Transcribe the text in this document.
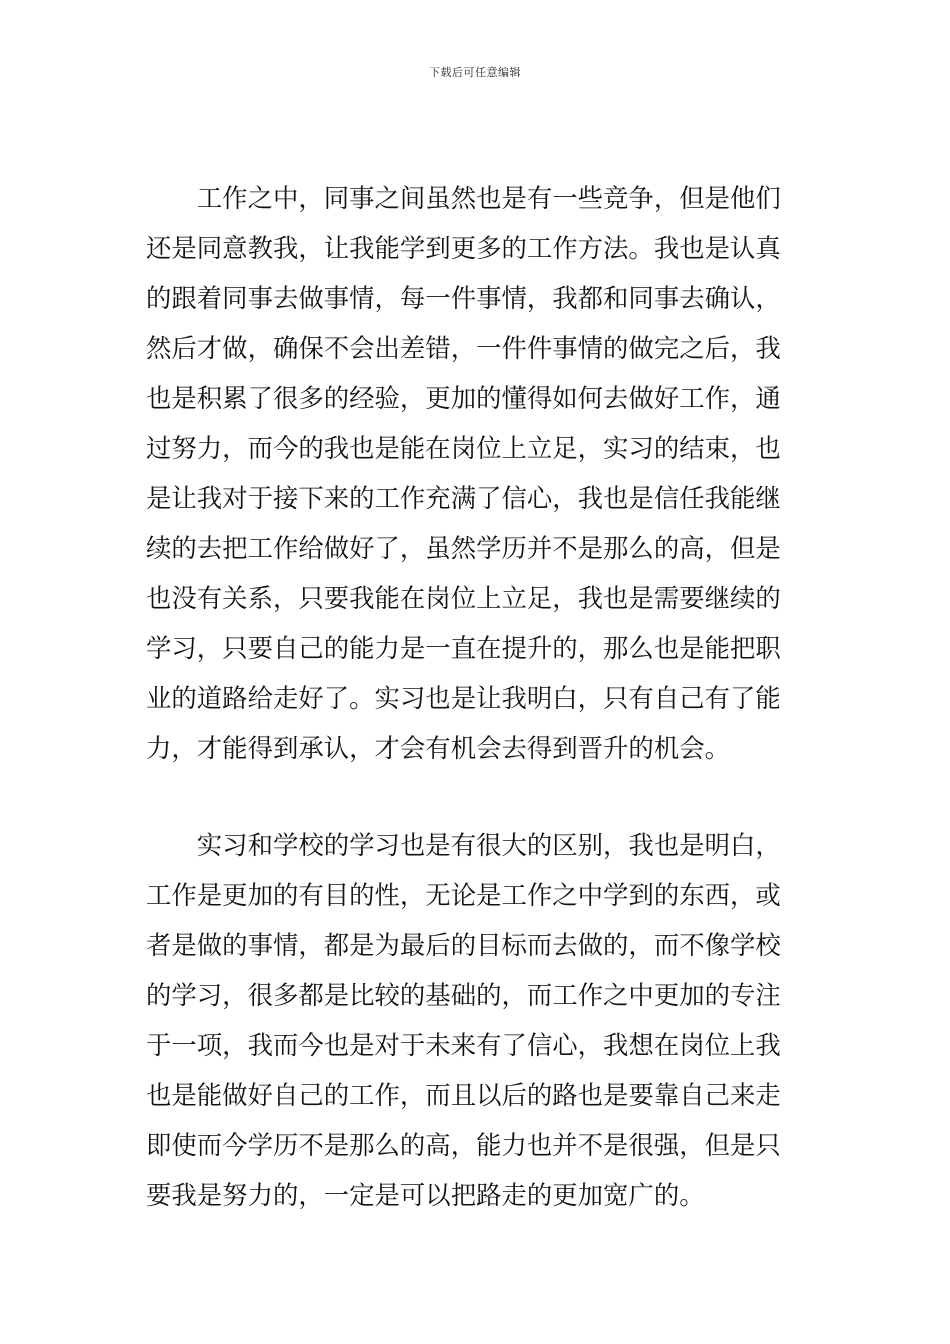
下载后可任意编辑
　　工作之中，同事之间虽然也是有一些竞争，但是他们
还是同意教我，让我能学到更多的工作方法。我也是认真
的跟着同事去做事情，每一件事情，我都和同事去确认，
然后才做，确保不会出差错，一件件事情的做完之后，我
也是积累了很多的经验，更加的懂得如何去做好工作，通
过努力，而今的我也是能在岗位上立足，实习的结束，也
是让我对于接下来的工作充满了信心，我也是信任我能继
续的去把工作给做好了，虽然学历并不是那么的高，但是
也没有关系，只要我能在岗位上立足，我也是需要继续的
学习，只要自己的能力是一直在提升的，那么也是能把职
业的道路给走好了。实习也是让我明白，只有自己有了能
力，才能得到承认，才会有机会去得到晋升的机会。
　　实习和学校的学习也是有很大的区别，我也是明白，
工作是更加的有目的性，无论是工作之中学到的东西，或
者是做的事情，都是为最后的目标而去做的，而不像学校
的学习，很多都是比较的基础的，而工作之中更加的专注
于一项，我而今也是对于未来有了信心，我想在岗位上我
也是能做好自己的工作，而且以后的路也是要靠自己来走
即使而今学历不是那么的高，能力也并不是很强，但是只
要我是努力的，一定是可以把路走的更加宽广的。
